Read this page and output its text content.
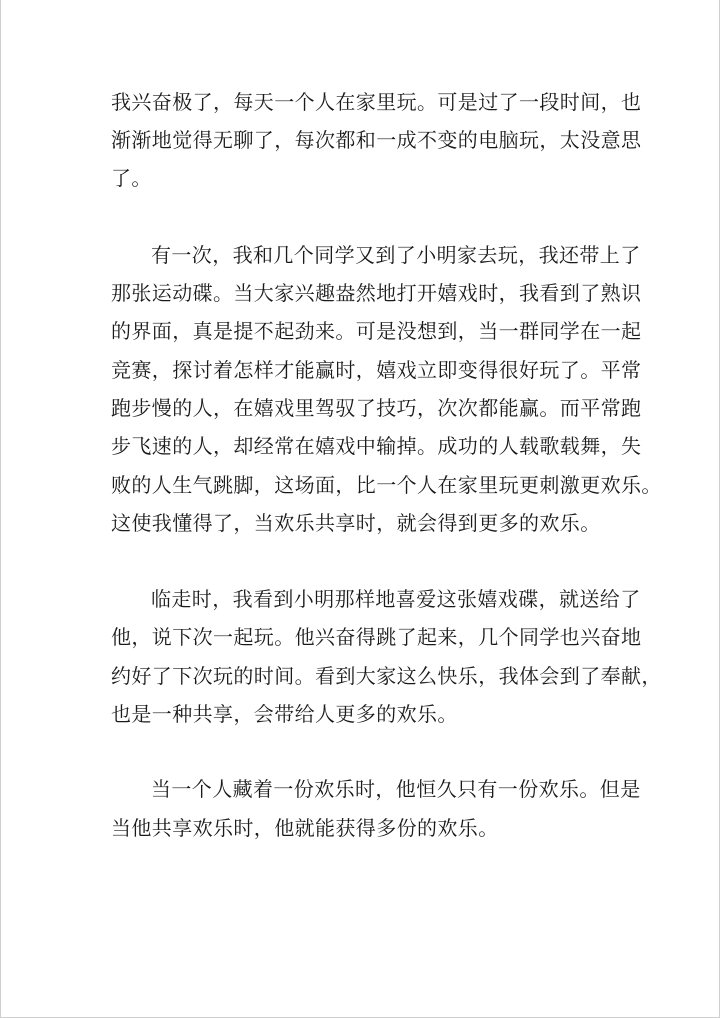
我兴奋极了，每天一个人在家里玩。可是过了一段时间，也
渐渐地觉得无聊了，每次都和一成不变的电脑玩，太没意思
了。
有一次，我和几个同学又到了小明家去玩，我还带上了
那张运动碟。当大家兴趣盎然地打开嬉戏时，我看到了熟识
的界面，真是提不起劲来。可是没想到，当一群同学在一起
竞赛，探讨着怎样才能赢时，嬉戏立即变得很好玩了。平常
跑步慢的人，在嬉戏里驾驭了技巧，次次都能赢。而平常跑
步飞速的人，却经常在嬉戏中输掉。成功的人载歌载舞，失
败的人生气跳脚，这场面，比一个人在家里玩更刺激更欢乐。
这使我懂得了，当欢乐共享时，就会得到更多的欢乐。
临走时，我看到小明那样地喜爱这张嬉戏碟，就送给了
他，说下次一起玩。他兴奋得跳了起来，几个同学也兴奋地
约好了下次玩的时间。看到大家这么快乐，我体会到了奉献，
也是一种共享，会带给人更多的欢乐。
当一个人藏着一份欢乐时，他恒久只有一份欢乐。但是
当他共享欢乐时，他就能获得多份的欢乐。
